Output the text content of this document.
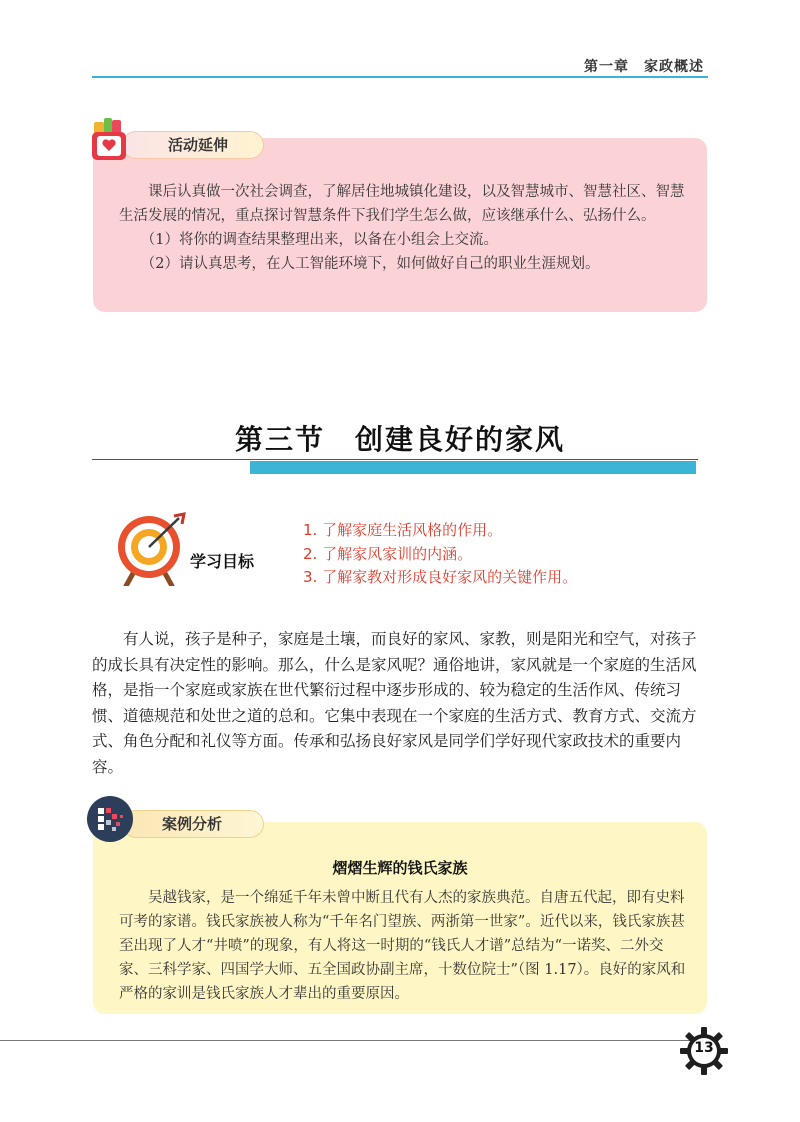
第一章　家政概述
活动延伸
　　课后认真做一次社会调查，了解居住地城镇化建设，以及智慧城市、智慧社区、智慧生活发展的情况，重点探讨智慧条件下我们学生怎么做，应该继承什么、弘扬什么。
　　（1）将你的调查结果整理出来，以备在小组会上交流。
　　（2）请认真思考，在人工智能环境下，如何做好自己的职业生涯规划。
第三节 创建良好的家风
学习目标
1. 了解家庭生活风格的作用。
2. 了解家风家训的内涵。
3. 了解家教对形成良好家风的关键作用。
　　有人说，孩子是种子，家庭是土壤，而良好的家风、家教，则是阳光和空气，对孩子的成长具有决定性的影响。那么，什么是家风呢？通俗地讲，家风就是一个家庭的生活风格，是指一个家庭或家族在世代繁衍过程中逐步形成的、较为稳定的生活作风、传统习惯、道德规范和处世之道的总和。它集中表现在一个家庭的生活方式、教育方式、交流方式、角色分配和礼仪等方面。传承和弘扬良好家风是同学们学好现代家政技术的重要内容。
案例分析
熠熠生辉的钱氏家族
　　吴越钱家，是一个绵延千年未曾中断且代有人杰的家族典范。自唐五代起，即有史料可考的家谱。钱氏家族被人称为“千年名门望族、两浙第一世家”。近代以来，钱氏家族甚至出现了人才“井喷”的现象，有人将这一时期的“钱氏人才谱”总结为“一诺奖、二外交家、三科学家、四国学大师、五全国政协副主席，十数位院士”（图 1.17）。良好的家风和严格的家训是钱氏家族人才辈出的重要原因。
13
